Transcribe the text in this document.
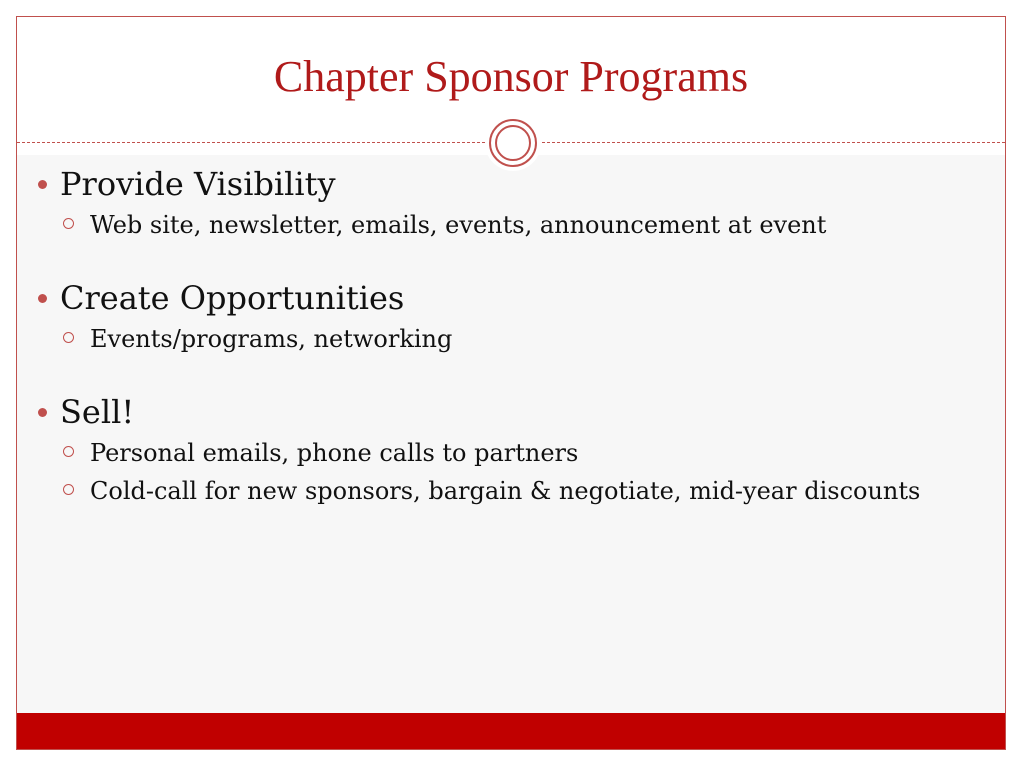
Chapter Sponsor Programs
Provide Visibility
Web site, newsletter, emails, events, announcement at event
Create Opportunities
Events/programs, networking
Sell!
Personal emails, phone calls to partners
Cold-call for new sponsors, bargain & negotiate, mid-year discounts
